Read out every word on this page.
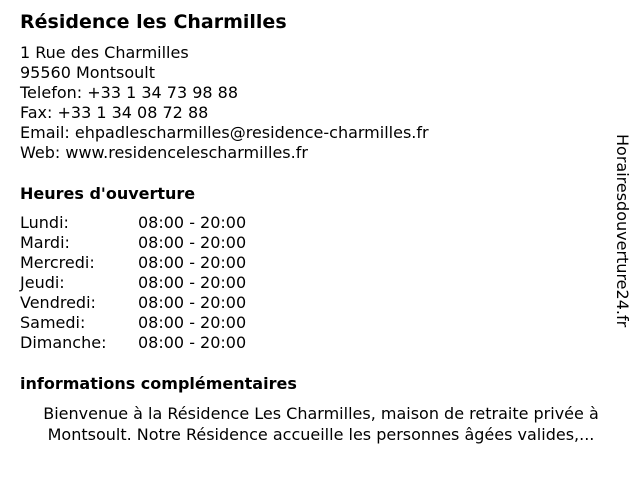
Résidence les Charmilles
1 Rue des Charmilles
95560 Montsoult
Telefon: +33 1 34 73 98 88
Fax: +33 1 34 08 72 88
Email: ehpadlescharmilles@residence-charmilles.fr
Web: www.residencelescharmilles.fr
Heures d'ouverture
Lundi:	08:00 - 20:00
Mardi:	08:00 - 20:00
Mercredi:	08:00 - 20:00
Jeudi:	08:00 - 20:00
Vendredi:	08:00 - 20:00
Samedi:	08:00 - 20:00
Dimanche: 08:00 - 20:00
informations complémentaires
Bienvenue à la Résidence Les Charmilles, maison de retraite privée à Montsoult. Notre Résidence accueille les personnes âgées valides,...
Horairesdouverture24.fr
